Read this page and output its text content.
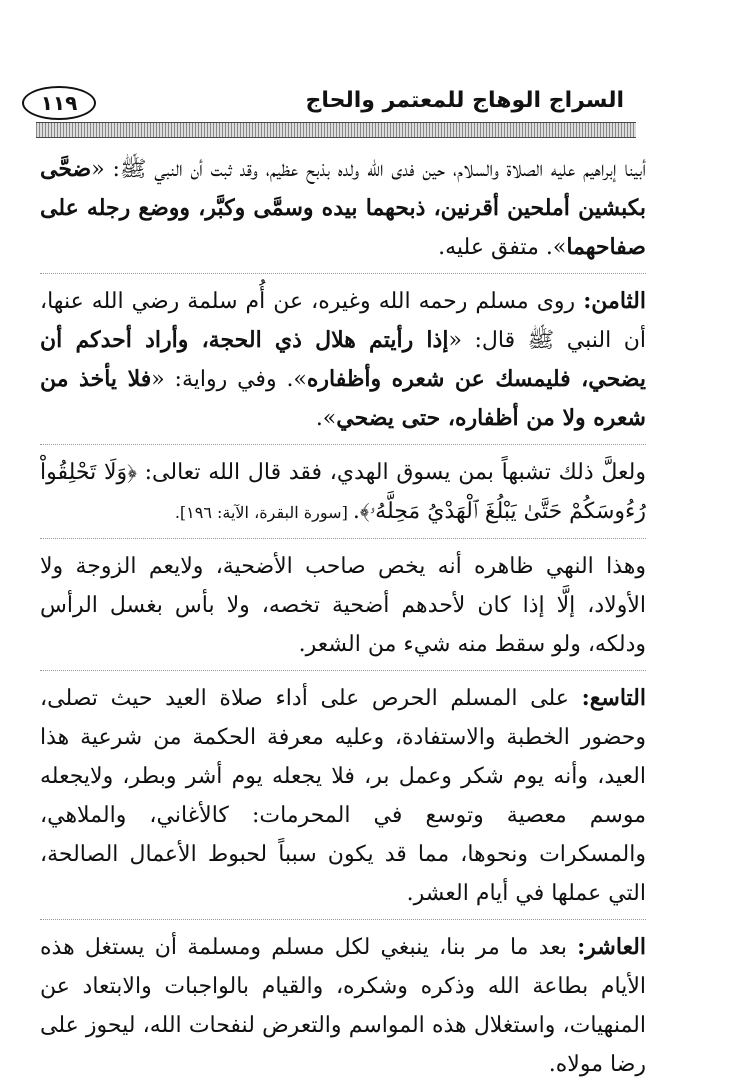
السراج الوهاج للمعتمر والحاج
١١٩

أبينا إبراهيم عليه الصلاة والسلام، حين فدى الله ولده بذبح عظيم، وقد ثبت أن النبي ﷺ: «ضحَّى بكبشين أملحين أقرنين، ذبحهما بيده وسمَّى وكبَّر، ووضع رجله على صفاحهما». متفق عليه.

الثامن: روى مسلم رحمه الله وغيره، عن أُم سلمة رضي الله عنها، أن النبي ﷺ قال: «إذا رأيتم هلال ذي الحجة، وأراد أحدكم أن يضحي، فليمسك عن شعره وأظفاره». وفي رواية: «فلا يأخذ من شعره ولا من أظفاره، حتى يضحي».

ولعلَّ ذلك تشبهاً بمن يسوق الهدي، فقد قال الله تعالى: ﴿وَلَا تَحْلِقُواْ رُءُوسَكُمْ حَتَّىٰ يَبْلُغَ ٱلْهَدْيُ مَحِلَّهُۥ﴾. [سورة البقرة، الآية: ١٩٦].

وهذا النهي ظاهره أنه يخص صاحب الأضحية، ولايعم الزوجة ولا الأولاد، إلَّا إذا كان لأحدهم أضحية تخصه، ولا بأس بغسل الرأس ودلكه، ولو سقط منه شيء من الشعر.

التاسع: على المسلم الحرص على أداء صلاة العيد حيث تصلى، وحضور الخطبة والاستفادة، وعليه معرفة الحكمة من شرعية هذا العيد، وأنه يوم شكر وعمل بر، فلا يجعله يوم أشر وبطر، ولايجعله موسم معصية وتوسع في المحرمات: كالأغاني، والملاهي، والمسكرات ونحوها، مما قد يكون سبباً لحبوط الأعمال الصالحة، التي عملها في أيام العشر.

العاشر: بعد ما مر بنا، ينبغي لكل مسلم ومسلمة أن يستغل هذه الأيام بطاعة الله وذكره وشكره، والقيام بالواجبات والابتعاد عن المنهيات، واستغلال هذه المواسم والتعرض لنفحات الله، ليحوز على رضا مولاه.
